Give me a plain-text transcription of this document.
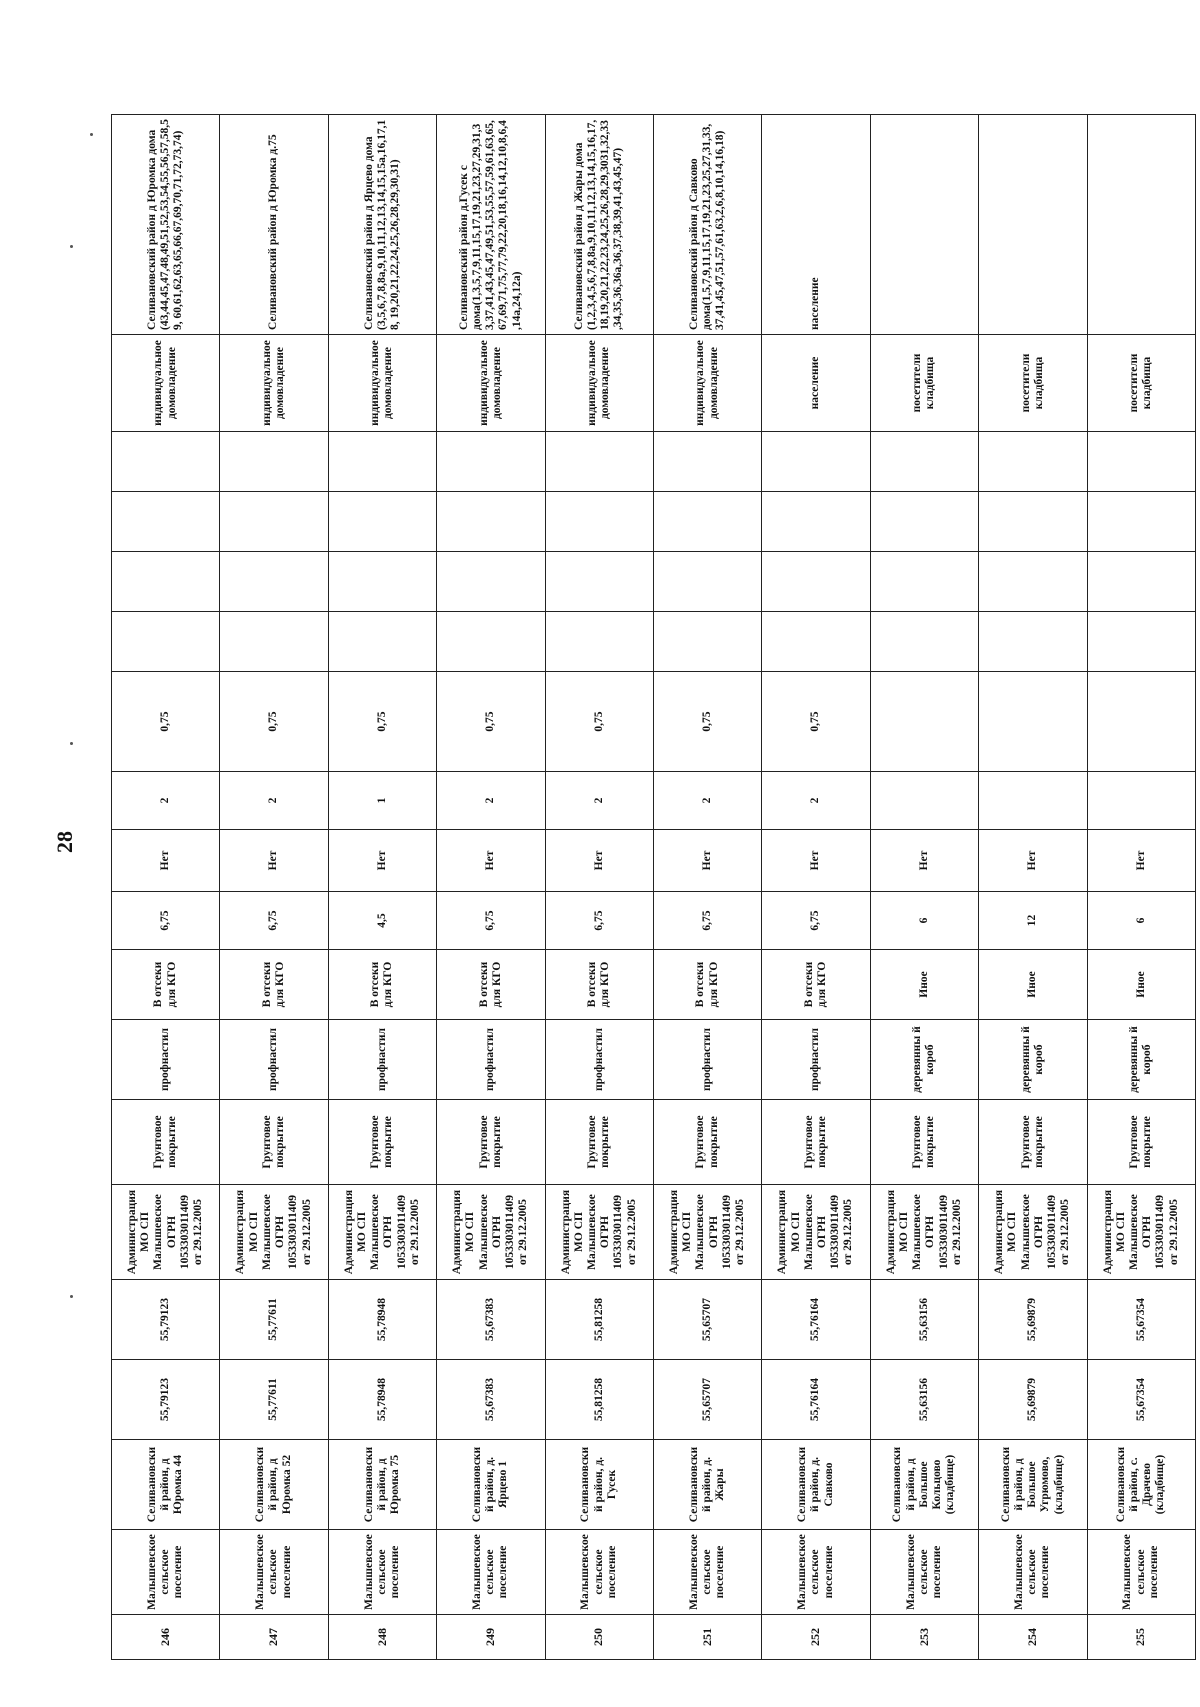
28
246	Малышевское сельское поселение	Селивановский район, д Юромка 44	55,79123	55,79123	Администрация МО СП Малышевское ОГРН 1053303011409 от 29.12.2005	Грунтовое покрытие	профнастил	В отсеки для КГО	6,75	Нет	2	0,75					индивидуальное домовладение	Селивановский район д Юромка дома (43,44,45,47,48,49,51,52,53,54,55,56,57,58,59, 60,61,62,63,65,66,67,69,70,71,72,73,74)
247	Малышевское сельское поселение	Селивановский район, д Юромка 52	55,77611	55,77611	Администрация МО СП Малышевское ОГРН 1053303011409 от 29.12.2005	Грунтовое покрытие	профнастил	В отсеки для КГО	6,75	Нет	2	0,75					индивидуальное домовладение	Селивановский район д Юромка д.75
248	Малышевское сельское поселение	Селивановский район, д Юромка 75	55,78948	55,78948	Администрация МО СП Малышевское ОГРН 1053303011409 от 29.12.2005	Грунтовое покрытие	профнастил	В отсеки для КГО	4,5	Нет	1	0,75					индивидуальное домовладение	Селивановский район д Ярцево дома (3,5,6,7,8,8а,9,10,11,12,13,14,15,15а,16,17,18, 19,20,21,22,24,25,26,28,29,30,31)
249	Малышевское сельское поселение	Селивановский район, д. Ярцево 1	55,67383	55,67383	Администрация МО СП Малышевское ОГРН 1053303011409 от 29.12.2005	Грунтовое покрытие	профнастил	В отсеки для КГО	6,75	Нет	2	0,75					индивидуальное домовладение	Селивановский район д.Гусек с дома(1,3,5,7,9,11,15,17,19,21,23,27,29,31,33,37,41,43,45,47,49,51,53,55,57,59,61,63,65,67,69,71,75,77,79,22,20,18,16,14,12,10,8,6,4,14а,24,12а)
250	Малышевское сельское поселение	Селивановский район, д. Гусек	55,81258	55,81258	Администрация МО СП Малышевское ОГРН 1053303011409 от 29.12.2005	Грунтовое покрытие	профнастил	В отсеки для КГО	6,75	Нет	2	0,75					индивидуальное домовладение	Селивановский район д Жары дома (1,2,3,4,5,6,7,8,8а,9,10,11,12,13,14,15,16,17,18,19,20,21,22,23,24,25,26,28,29,3031,32,33,34,35,36,36а,36,37,38,39,41,43,45,47)
251	Малышевское сельское поселение	Селивановский район, д. Жары	55,65707	55,65707	Администрация МО СП Малышевское ОГРН 1053303011409 от 29.12.2005	Грунтовое покрытие	профнастил	В отсеки для КГО	6,75	Нет	2	0,75					индивидуальное домовладение	Селивановский район д Савково дома(1,5,7,9,11,15,17,19,21,23,25,27,31,33,37,41,45,47,51,57,61,63,2,6,8,10,14,16,18)
252	Малышевское сельское поселение	Селивановский район, д. Савково	55,76164	55,76164	Администрация МО СП Малышевское ОГРН 1053303011409 от 29.12.2005	Грунтовое покрытие	профнастил	В отсеки для КГО	6,75	Нет	2	0,75					население	население
253	Малышевское сельское поселение	Селивановский район, д Большое Кольцово (кладбище)	55,63156	55,63156	Администрация МО СП Малышевское ОГРН 1053303011409 от 29.12.2005	Грунтовое покрытие	деревянны й короб	Иное	6	Нет							посетители кладбища	
254	Малышевское сельское поселение	Селивановский район, д Большое Угрюмово, (кладбище)	55,69879	55,69879	Администрация МО СП Малышевское ОГРН 1053303011409 от 29.12.2005	Грунтовое покрытие	деревянны й короб	Иное	12	Нет							посетители кладбища	
255	Малышевское сельское поселение	Селивановский район, с. Драчево (кладбище)	55,67354	55,67354	Администрация МО СП Малышевское ОГРН 1053303011409 от 29.12.2005	Грунтовое покрытие	деревянны й короб	Иное	6	Нет							посетители кладбища	
